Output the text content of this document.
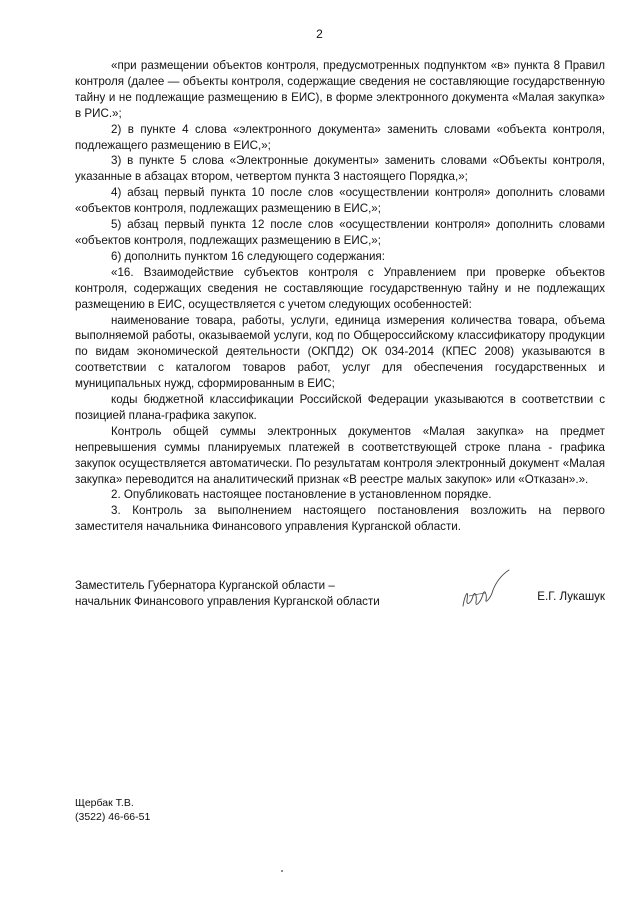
2

«при размещении объектов контроля, предусмотренных подпунктом «в» пункта 8 Правил контроля (далее — объекты контроля, содержащие сведения не составляющие государственную тайну и не подлежащие размещению в ЕИС), в форме электронного документа «Малая закупка» в РИС.»;

2) в пункте 4 слова «электронного документа» заменить словами «объекта контроля, подлежащего размещению в ЕИС,»;

3) в пункте 5 слова «Электронные документы» заменить словами «Объекты контроля, указанные в абзацах втором, четвертом пункта 3 настоящего Порядка,»;

4) абзац первый пункта 10 после слов «осуществлении контроля» дополнить словами «объектов контроля, подлежащих размещению в ЕИС,»;

5) абзац первый пункта 12 после слов «осуществлении контроля» дополнить словами «объектов контроля, подлежащих размещению в ЕИС,»;

6) дополнить пунктом 16 следующего содержания:

«16. Взаимодействие субъектов контроля с Управлением при проверке объектов контроля, содержащих сведения не составляющие государственную тайну и не подлежащих размещению в ЕИС, осуществляется с учетом следующих особенностей:

наименование товара, работы, услуги, единица измерения количества товара, объема выполняемой работы, оказываемой услуги, код по Общероссийскому классификатору продукции по видам экономической деятельности (ОКПД2) ОК 034-2014 (КПЕС 2008) указываются в соответствии с каталогом товаров работ, услуг для обеспечения государственных и муниципальных нужд, сформированным в ЕИС;

коды бюджетной классификации Российской Федерации указываются в соответствии с позицией плана-графика закупок.

Контроль общей суммы электронных документов «Малая закупка» на предмет непревышения суммы планируемых платежей в соответствующей строке плана - графика закупок осуществляется автоматически. По результатам контроля электронный документ «Малая закупка» переводится на аналитический признак «В реестре малых закупок» или «Отказан».».

2. Опубликовать настоящее постановление в установленном порядке.

3. Контроль за выполнением настоящего постановления возложить на первого заместителя начальника Финансового управления Курганской области.

Заместитель Губернатора Курганской области –
начальник Финансового управления Курганской области	Е.Г. Лукашук
Щербак Т.В.
(3522) 46-66-51
